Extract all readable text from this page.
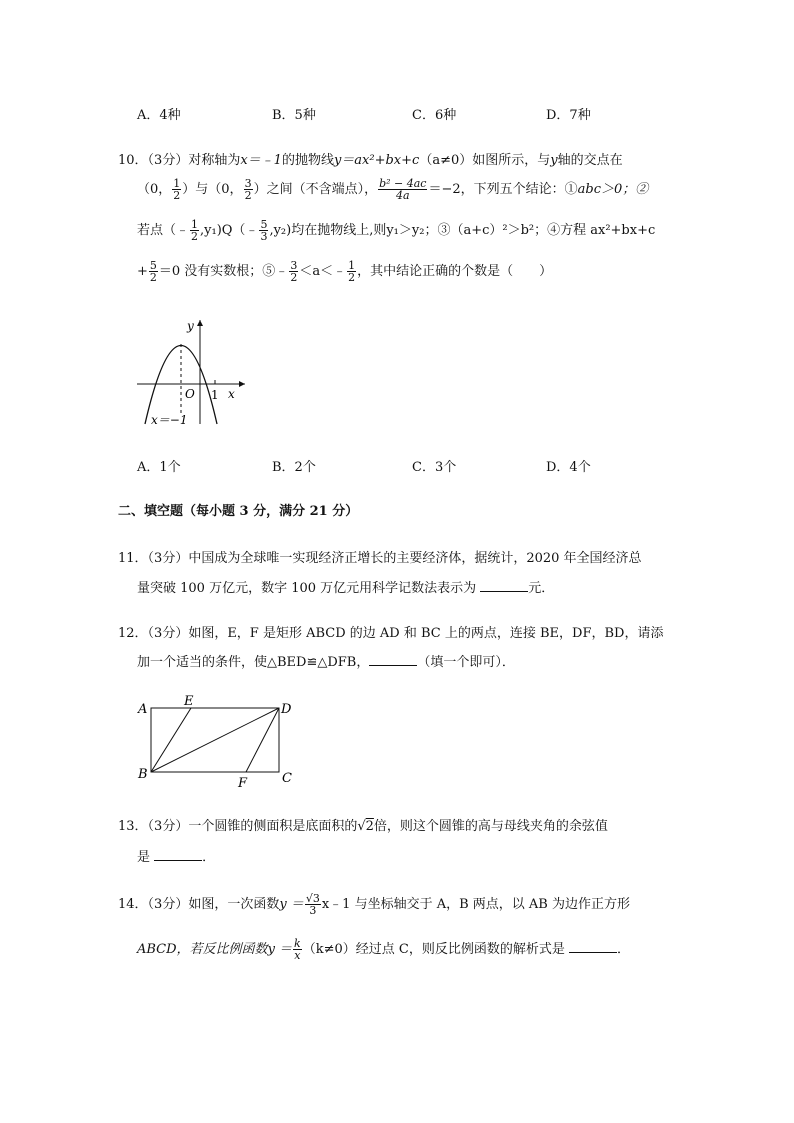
A．4种	B．5种	C．6种	D．7种
10．（3分）对称轴为x＝﹣1的抛物线y＝ax²+bx+c（a≠0）如图所示，与y轴的交点在
（0， $\frac{1}{2}$ ）与（0， $\frac{3}{2}$ ）之间（不含端点）， $\frac{\text{b² − 4ac}}{4a} =-2$，下列五个结论：①abc＞0；②
若点（﹣ $\frac{1}{2}$ ,y₁)Q（﹣ $\frac{5}{3} ,y_2$)均在抛物线上,则y₁＞y₂；③（a+c）²＞b²；④方程 ax²+bx+c
+ $\frac{5}{2} =0$ 没有实数根；⑤﹣ $\frac{3}{2}$ ＜a＜﹣ $\frac{1}{2}$ ，其中结论正确的个数是（　　）
y
O 1 x
x＝−1
A．1个	B．2个	C．3个	D．4个
二、填空题（每小题 3 分，满分 21 分）
11．（3分）中国成为全球唯一实现经济正增长的主要经济体，据统计，2020 年全国经济总
量突破 100 万亿元，数字 100 万亿元用科学记数法表示为	元．
12．（3分）如图，E，F 是矩形 ABCD 的边 AD 和 BC 上的两点，连接 BE，DF，BD，请添
加一个适当的条件，使△BED≌△DFB，	（填一个即可）．
A
E
D
B
F	C
13．（3分）一个圆锥的侧面积是底面积的√2倍，则这个圆锥的高与母线夹角的余弦值
是	．
14．（3分）如图，一次函数$y = \frac{√3}{3}$ x﹣1 与坐标轴交于 A，B 两点，以 AB 为边作正方形
ABCD，若反比例函数$y = \frac{k}{x} (k\ne 0)$经过点 C，则反比例函数的解析式是	．
